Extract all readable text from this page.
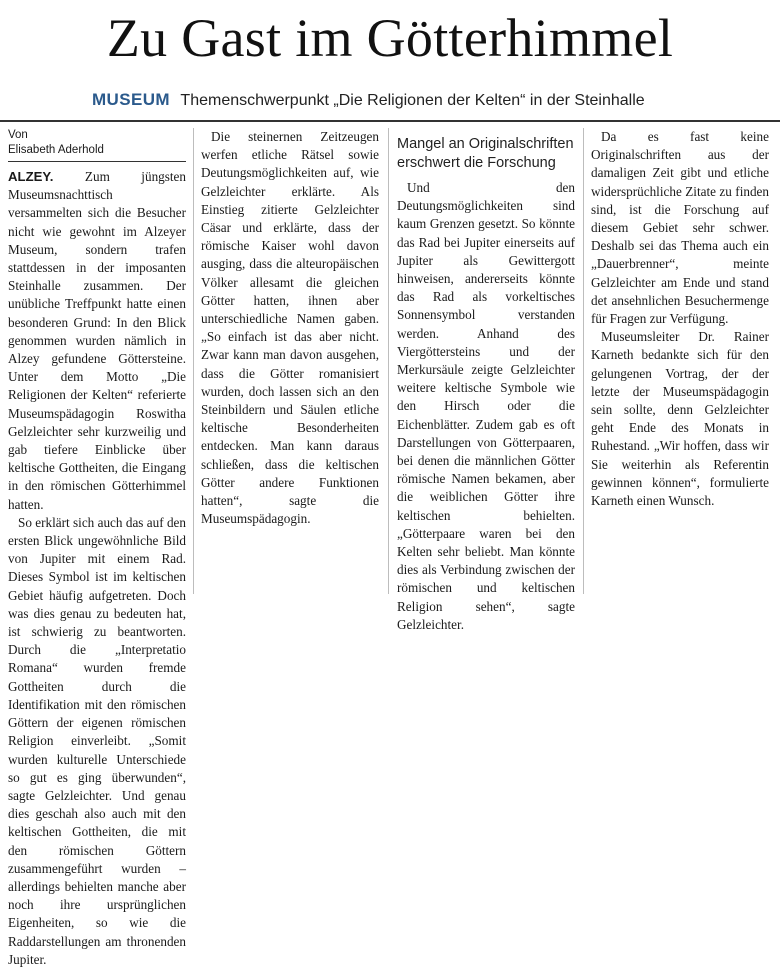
Zu Gast im Götterhimmel
MUSEUM Themenschwerpunkt „Die Religionen der Kelten“ in der Steinhalle
Von
Elisabeth Aderhold

ALZEY. Zum jüngsten Museumsnachttisch versammelten sich die Besucher nicht wie gewohnt im Alzeyer Museum, sondern trafen stattdessen in der imposanten Steinhalle zusammen. Der unübliche Treffpunkt hatte einen besonderen Grund: In den Blick genommen wurden nämlich in Alzey gefundene Göttersteine. Unter dem Motto „Die Religionen der Kelten“ referierte Museumspädagogin Roswitha Gelzleichter sehr kurzweilig und gab tiefere Einblicke über keltische Gottheiten, die Eingang in den römischen Götterhimmel hatten.

So erklärt sich auch das auf den ersten Blick ungewöhnliche Bild von Jupiter mit einem Rad. Dieses Symbol ist im keltischen Gebiet häufig aufgetreten. Doch was dies genau zu bedeuten hat, ist schwierig zu beantworten. Durch die „Interpretatio Romana“ wurden fremde Gottheiten durch die Identifikation mit den römischen Göttern der eigenen römischen Religion einverleibt. „Somit wurden kulturelle Unterschiede so gut es ging überwunden“, sagte Gelzleichter. Und genau dies geschah also auch mit den keltischen Gottheiten, die mit den römischen Göttern zusammengeführt wurden – allerdings behielten manche aber noch ihre ursprünglichen Eigenheiten, so wie die Raddarstellungen am thronenden Jupiter.

Die steinernen Zeitzeugen werfen etliche Rätsel sowie Deutungsmöglichkeiten auf, wie Gelzleichter erklärte. Als Einstieg zitierte Gelzleichter Cäsar und erklärte, dass der römische Kaiser wohl davon ausging, dass die alteuropäischen Völker allesamt die gleichen Götter hatten, ihnen aber unterschiedliche Namen gaben. „So einfach ist das aber nicht. Zwar kann man davon ausgehen, dass die Götter romanisiert wurden, doch lassen sich an den Steinbildern und Säulen etliche keltische Besonderheiten entdecken. Man kann daraus schließen, dass die keltischen Götter andere Funktionen hatten“, sagte die Museumspädagogin.

Mangel an Originalschriften erschwert die Forschung

Und den Deutungsmöglichkeiten sind kaum Grenzen gesetzt. So könnte das Rad bei Jupiter einerseits auf Jupiter als Gewittergott hinweisen, andererseits könnte das Rad als vorkeltisches Sonnensymbol verstanden werden. Anhand des Viergöttersteins und der Merkursäule zeigte Gelzleichter weitere keltische Symbole wie den Hirsch oder die Eichenblätter. Zudem gab es oft Darstellungen von Götterpaaren, bei denen die männlichen Götter römische Namen bekamen, aber die weiblichen Götter ihre keltischen behielten. „Götterpaare waren bei den Kelten sehr beliebt. Man könnte dies als Verbindung zwischen der römischen und keltischen Religion sehen“, sagte Gelzleichter.

Da es fast keine Originalschriften aus der damaligen Zeit gibt und etliche widersprüchliche Zitate zu finden sind, ist die Forschung auf diesem Gebiet sehr schwer. Deshalb sei das Thema auch ein „Dauerbrenner“, meinte Gelzleichter am Ende und stand det ansehnlichen Besuchermenge für Fragen zur Verfügung.

Museumsleiter Dr. Rainer Karneth bedankte sich für den gelungenen Vortrag, der der letzte der Museumspädagogin sein sollte, denn Gelzleichter geht Ende des Monats in Ruhestand. „Wir hoffen, dass wir Sie weiterhin als Referentin gewinnen können“, formulierte Karneth einen Wunsch.
